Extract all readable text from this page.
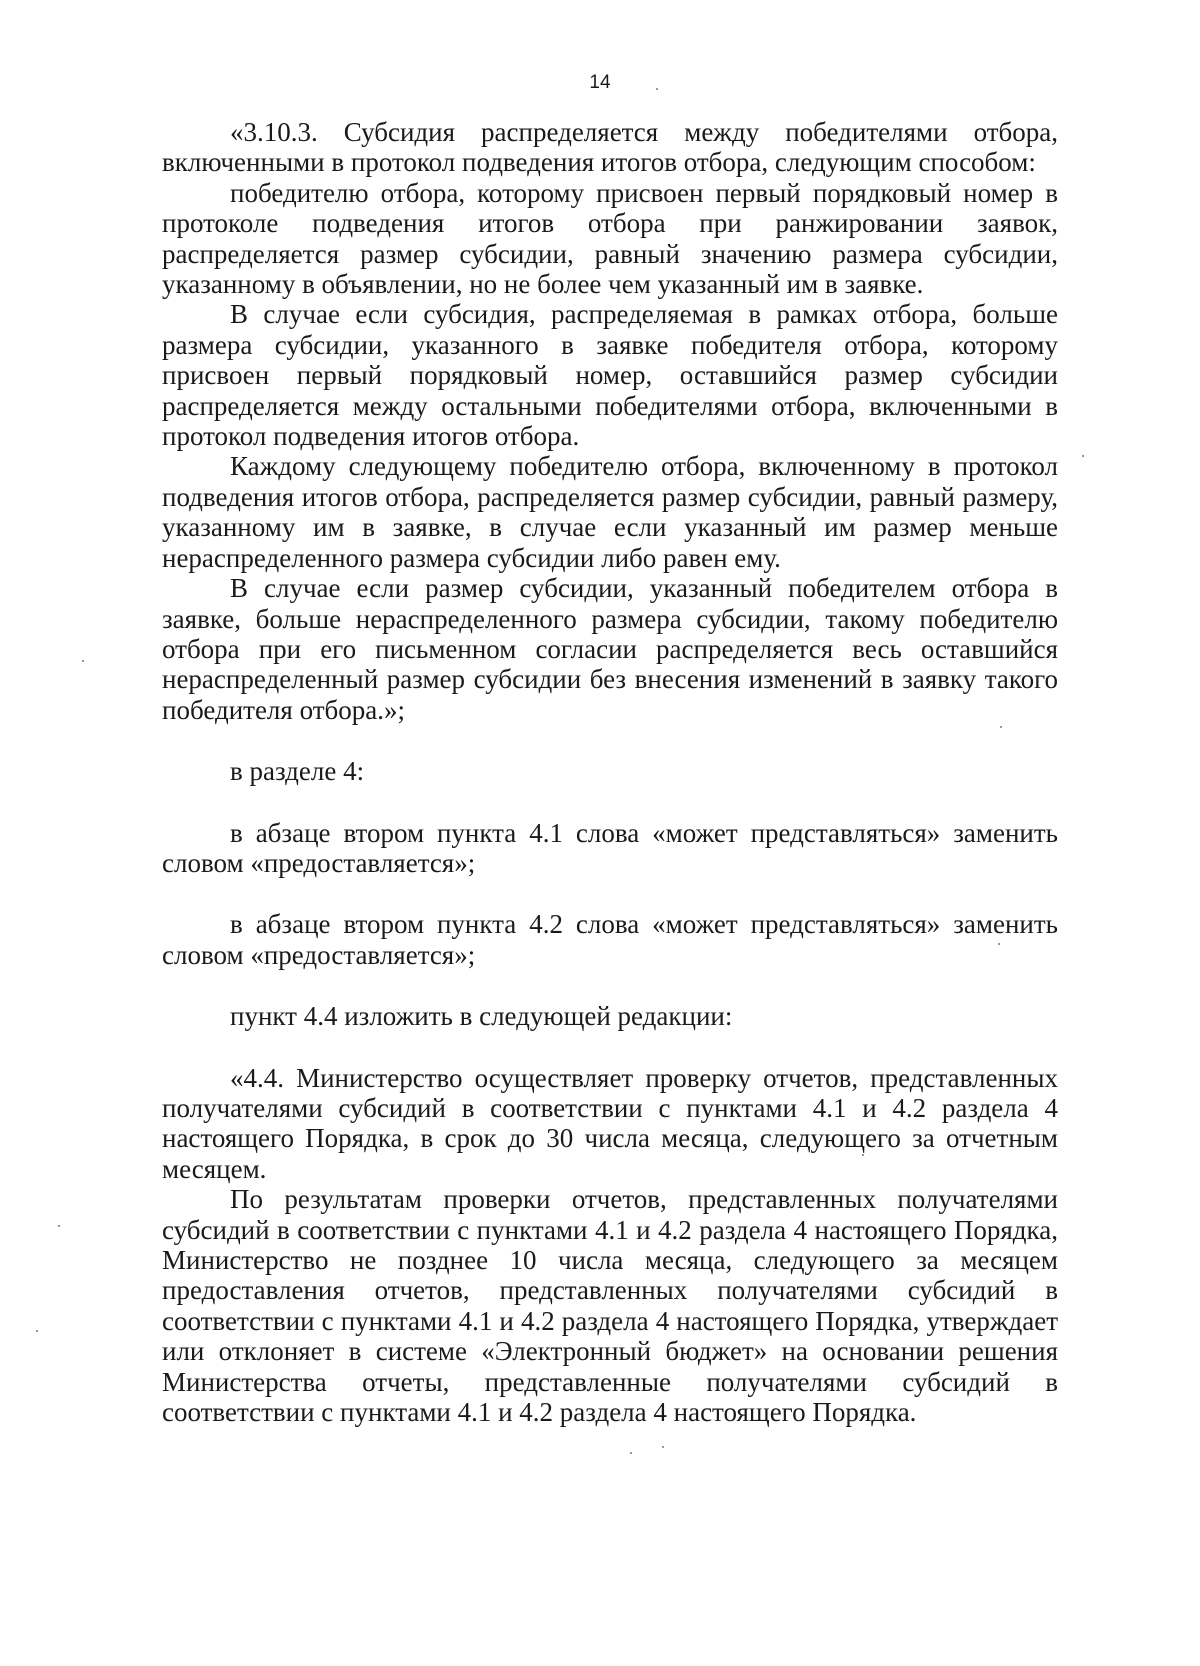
14

«3.10.3. Субсидия распределяется между победителями отбора, включенными в протокол подведения итогов отбора, следующим способом:

победителю отбора, которому присвоен первый порядковый номер в протоколе подведения итогов отбора при ранжировании заявок, распределяется размер субсидии, равный значению размера субсидии, указанному в объявлении, но не более чем указанный им в заявке.

В случае если субсидия, распределяемая в рамках отбора, больше размера субсидии, указанного в заявке победителя отбора, которому присвоен первый порядковый номер, оставшийся размер субсидии распределяется между остальными победителями отбора, включенными в протокол подведения итогов отбора.

Каждому следующему победителю отбора, включенному в протокол подведения итогов отбора, распределяется размер субсидии, равный размеру, указанному им в заявке, в случае если указанный им размер меньше нераспределенного размера субсидии либо равен ему.

В случае если размер субсидии, указанный победителем отбора в заявке, больше нераспределенного размера субсидии, такому победителю отбора при его письменном согласии распределяется весь оставшийся нераспределенный размер субсидии без внесения изменений в заявку такого победителя отбора.»;

в разделе 4:

в абзаце втором пункта 4.1 слова «может представляться» заменить словом «предоставляется»;

в абзаце втором пункта 4.2 слова «может представляться» заменить словом «предоставляется»;

пункт 4.4 изложить в следующей редакции:

«4.4. Министерство осуществляет проверку отчетов, представленных получателями субсидий в соответствии с пунктами 4.1 и 4.2 раздела 4 настоящего Порядка, в срок до 30 числа месяца, следующего за отчетным месяцем.

По результатам проверки отчетов, представленных получателями субсидий в соответствии с пунктами 4.1 и 4.2 раздела 4 настоящего Порядка, Министерство не позднее 10 числа месяца, следующего за месяцем предоставления отчетов, представленных получателями субсидий в соответствии с пунктами 4.1 и 4.2 раздела 4 настоящего Порядка, утверждает или отклоняет в системе «Электронный бюджет» на основании решения Министерства отчеты, представленные получателями субсидий в соответствии с пунктами 4.1 и 4.2 раздела 4 настоящего Порядка.
